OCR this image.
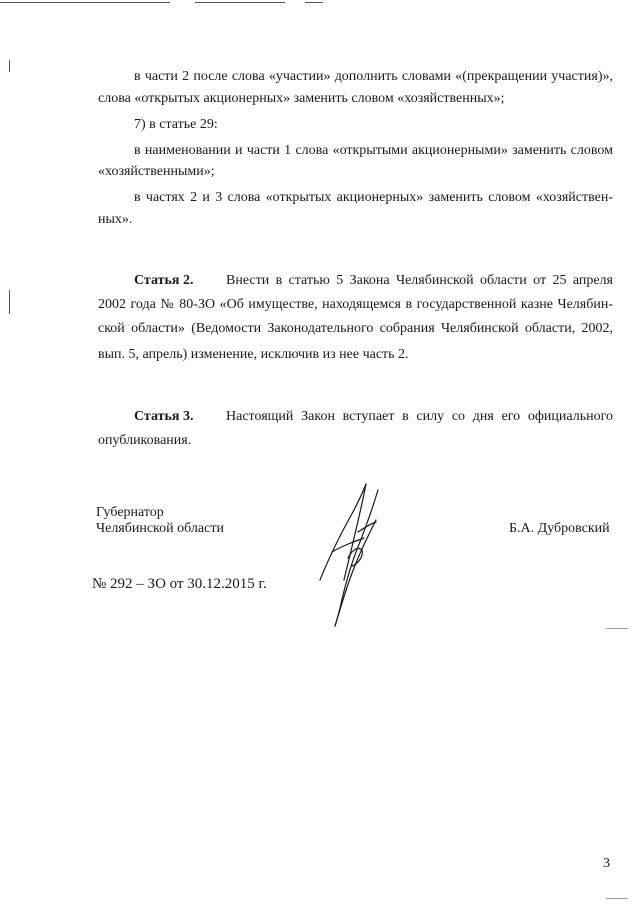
в части 2 после слова «участии» дополнить словами «(прекращении участия)»,
слова «открытых акционерных» заменить словом «хозяйственных»;
7) в статье 29:
в наименовании и части 1 слова «открытыми акционерными» заменить словом
«хозяйственными»;
в частях 2 и 3 слова «открытых акционерных» заменить словом «хозяйствен-
ных».
Статья 2. Внести в статью 5 Закона Челябинской области от 25 апреля
2002 года № 80-ЗО «Об имуществе, находящемся в государственной казне Челябин-
ской области» (Ведомости Законодательного собрания Челябинской области, 2002,
вып. 5, апрель) изменение, исключив из нее часть 2.
Статья 3. Настоящий Закон вступает в силу со дня его официального
опубликования.
Губернатор
Челябинской области	Б.А. Дубровский
№ 292 – ЗО от 30.12.2015 г.
3
